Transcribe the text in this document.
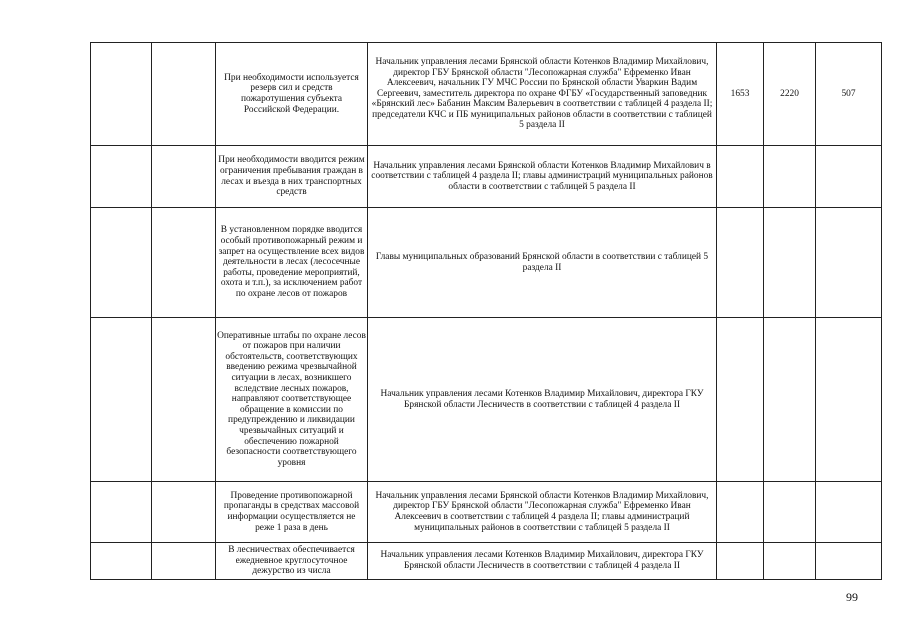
		При необходимости используется резерв сил и средств пожаротушения субъекта Российской Федерации.	Начальник управления лесами Брянской области Котенков Владимир Михайлович, директор ГБУ Брянской области "Лесопожарная служба" Ефременко Иван Алексеевич, начальник ГУ МЧС России по Брянской области Уваркин Вадим Сергеевич, заместитель директора по охране ФГБУ «Государственный заповедник «Брянский лес» Бабанин Максим Валерьевич в соответствии с таблицей 4 раздела II; председатели КЧС и ПБ муниципальных районов области в соответствии с таблицей 5 раздела II	1653	2220	507
		При необходимости вводится режим ограничения пребывания граждан в лесах и въезда в них транспортных средств	Начальник управления лесами Брянской области Котенков Владимир Михайлович в соответствии с таблицей 4 раздела II; главы администраций муниципальных районов области в соответствии с таблицей 5 раздела II			
		В установленном порядке вводится особый противопожарный режим и запрет на осуществление всех видов деятельности в лесах (лесосечные работы, проведение мероприятий, охота и т.п.), за исключением работ по охране лесов от пожаров	Главы муниципальных образований Брянской области в соответствии с таблицей 5 раздела II			
		Оперативные штабы по охране лесов от пожаров при наличии обстоятельств, соответствующих введению режима чрезвычайной ситуации в лесах, возникшего вследствие лесных пожаров, направляют соответствующее обращение в комиссии по предупреждению и ликвидации чрезвычайных ситуаций и обеспечению пожарной безопасности соответствующего уровня	Начальник управления лесами Котенков Владимир Михайлович, директора ГКУ Брянской области Лесничеств в соответствии с таблицей 4 раздела II			
		Проведение противопожарной пропаганды в средствах массовой информации осуществляется не реже 1 раза в день	Начальник управления лесами Брянской области Котенков Владимир Михайлович, директор ГБУ Брянской области "Лесопожарная служба" Ефременко Иван Алексеевич в соответствии с таблицей 4 раздела II; главы администраций муниципальных районов в соответствии с таблицей 5 раздела II			
		В лесничествах обеспечивается ежедневное круглосуточное дежурство из числа	Начальник управления лесами Котенков Владимир Михайлович, директора ГКУ Брянской области Лесничеств в соответствии с таблицей 4 раздела II			
99
